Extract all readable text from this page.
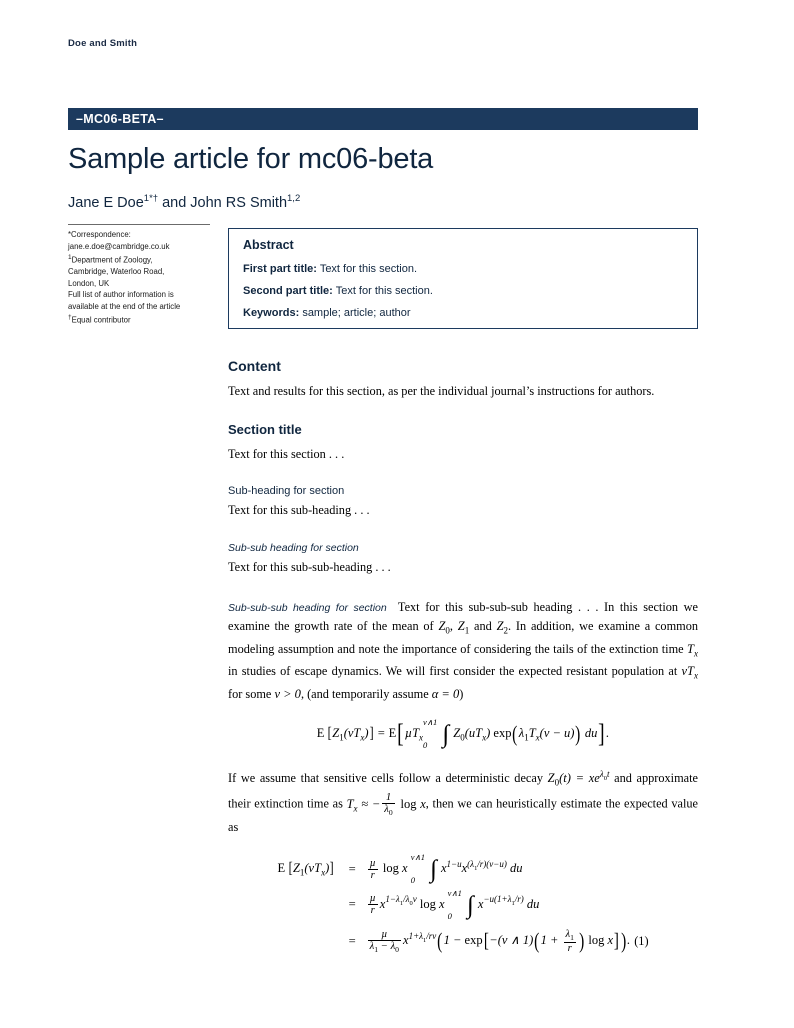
Doe and Smith
–MC06-BETA–
Sample article for mc06-beta
Jane E Doe$^{1*\dagger}$ and John RS Smith$^{1,2}$
*Correspondence:
jane.e.doe@cambridge.co.uk
$^1$Department of Zoology,
Cambridge, Waterloo Road,
London, UK
Full list of author information is
available at the end of the article
†Equal contributor
Abstract

First part title: Text for this section.

Second part title: Text for this section.

Keywords: sample; article; author

Content

Text and results for this section, as per the individual journal’s instructions for authors.

Section title

Text for this section . . .

Sub-heading for section

Text for this sub-heading . . .

Sub-sub heading for section

Text for this sub-sub-heading . . .

Sub-sub-sub heading for section  Text for this sub-sub-sub heading . . . In this section we examine the growth rate of the mean of $Z_0$, $Z_1$ and $Z_2$. In addition, we examine a common modeling assumption and note the importance of considering the tails of the extinction time $T_x$ in studies of escape dynamics. We will first consider the expected resistant population at $vT_x$ for some v > 0, (and temporarily assume α = 0)

E  $[Z_1(vT_x)] = E[\mu T_x$
v∧1
0 ∫ $Z_0(uT_x) \exp(\lambda_1T_x(v - u))$ du].

If we assume that sensitive cells follow a deterministic decay $Z_0(t) = xe^{\lambda_0t}$ and approximate their extinction time as $T_x$ ≈ − $\frac{1}{\lambda_0}$ log x, then we can heuristically estimate the expected value as

E  $[Z_1(vT_x)]$	=	$\frac{\text{µ}}{r}$ log x
v∧1
0 ∫ $x^{1-u}x^{(\lambda_1/r)(v-u)}$ du	
	=	$\frac{\text{µ}}{r} x^{1-\lambda_1/\lambda_0v}$ log x
v∧1
0 ∫ $x^{-u(1+\lambda_1/r)}$ du	
	=	$\frac{\text{µ}}{\lambda_1 - \lambda_0} x^{1+\lambda_1/rv}(1 - \exp[-(v$ ∧ $1)(1 + \frac{\lambda_1}{r}$ ) log x]).	(1)
